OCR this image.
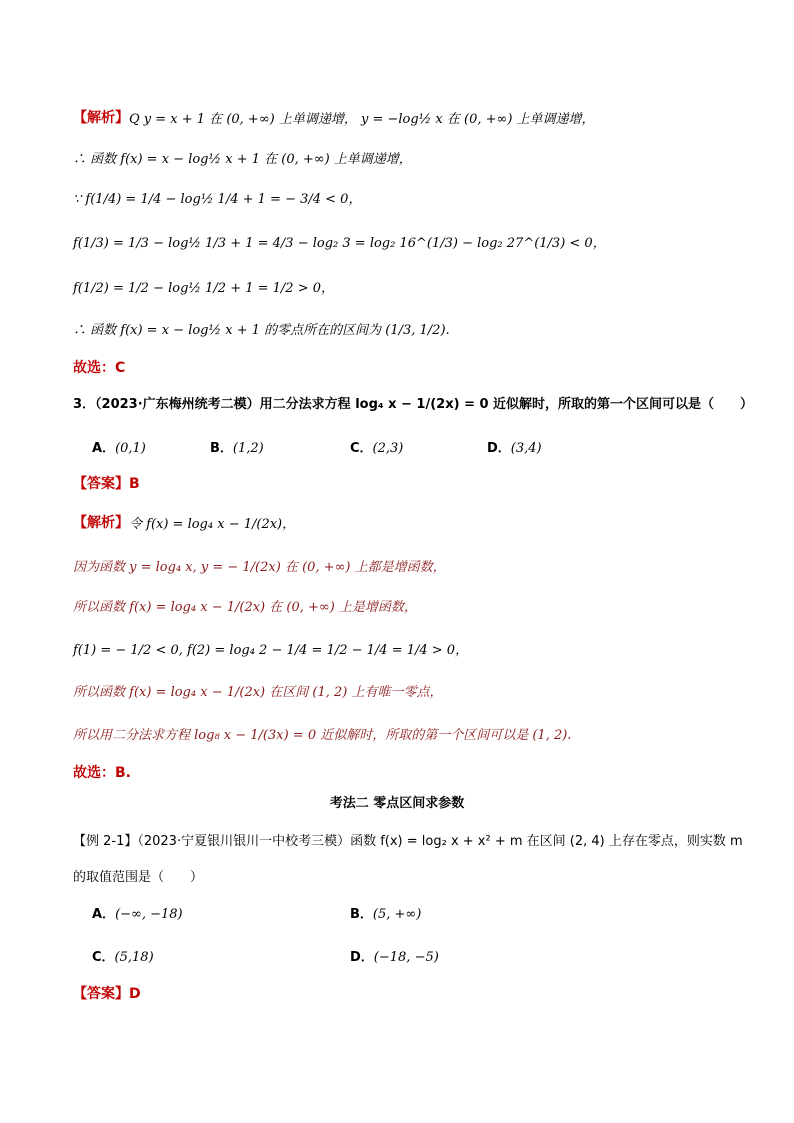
【解析】 Q y = x + 1 在 (0, +∞) 上单调递增， y = −log½ x 在 (0, +∞) 上单调递增，
∴ 函数 f(x) = x − log½ x + 1 在 (0, +∞) 上单调递增，
∵ f(1/4) = 1/4 − log½ 1/4 + 1 = − 3/4 < 0，
f(1/3) = 1/3 − log½ 1/3 + 1 = 4/3 − log₂ 3 = log₂ 16^(1/3) − log₂ 27^(1/3) < 0，
f(1/2) = 1/2 − log½ 1/2 + 1 = 1/2 > 0，
∴ 函数 f(x) = x − log½ x + 1 的零点所在的区间为 (1/3, 1/2).
故选：C
3．（2023·广东梅州统考二模）用二分法求方程 log₄ x − 1/(2x) = 0 近似解时，所取的第一个区间可以是（　　）
A．(0,1)	B．(1,2)	C．(2,3)	D．(3,4)
【答案】B
【解析】 令 f(x) = log₄ x − 1/(2x)，
因为函数 y = log₄ x, y = − 1/(2x) 在 (0, +∞) 上都是增函数，
所以函数 f(x) = log₄ x − 1/(2x) 在 (0, +∞) 上是增函数，
f(1) = − 1/2 < 0, f(2) = log₄ 2 − 1/4 = 1/2 − 1/4 = 1/4 > 0，
所以函数 f(x) = log₄ x − 1/(2x) 在区间 (1, 2) 上有唯一零点，
所以用二分法求方程 log₈ x − 1/(3x) = 0 近似解时，所取的第一个区间可以是 (1, 2).
故选：B.
考法二 零点区间求参数
【例 2-1】（2023·宁夏银川银川一中校考三模）函数 f(x) = log₂ x + x² + m 在区间 (2, 4) 上存在零点，则实数 m
的取值范围是（　　）
A．(−∞, −18)	B．(5, +∞)
C．(5,18)	D．(−18, −5)
【答案】D
